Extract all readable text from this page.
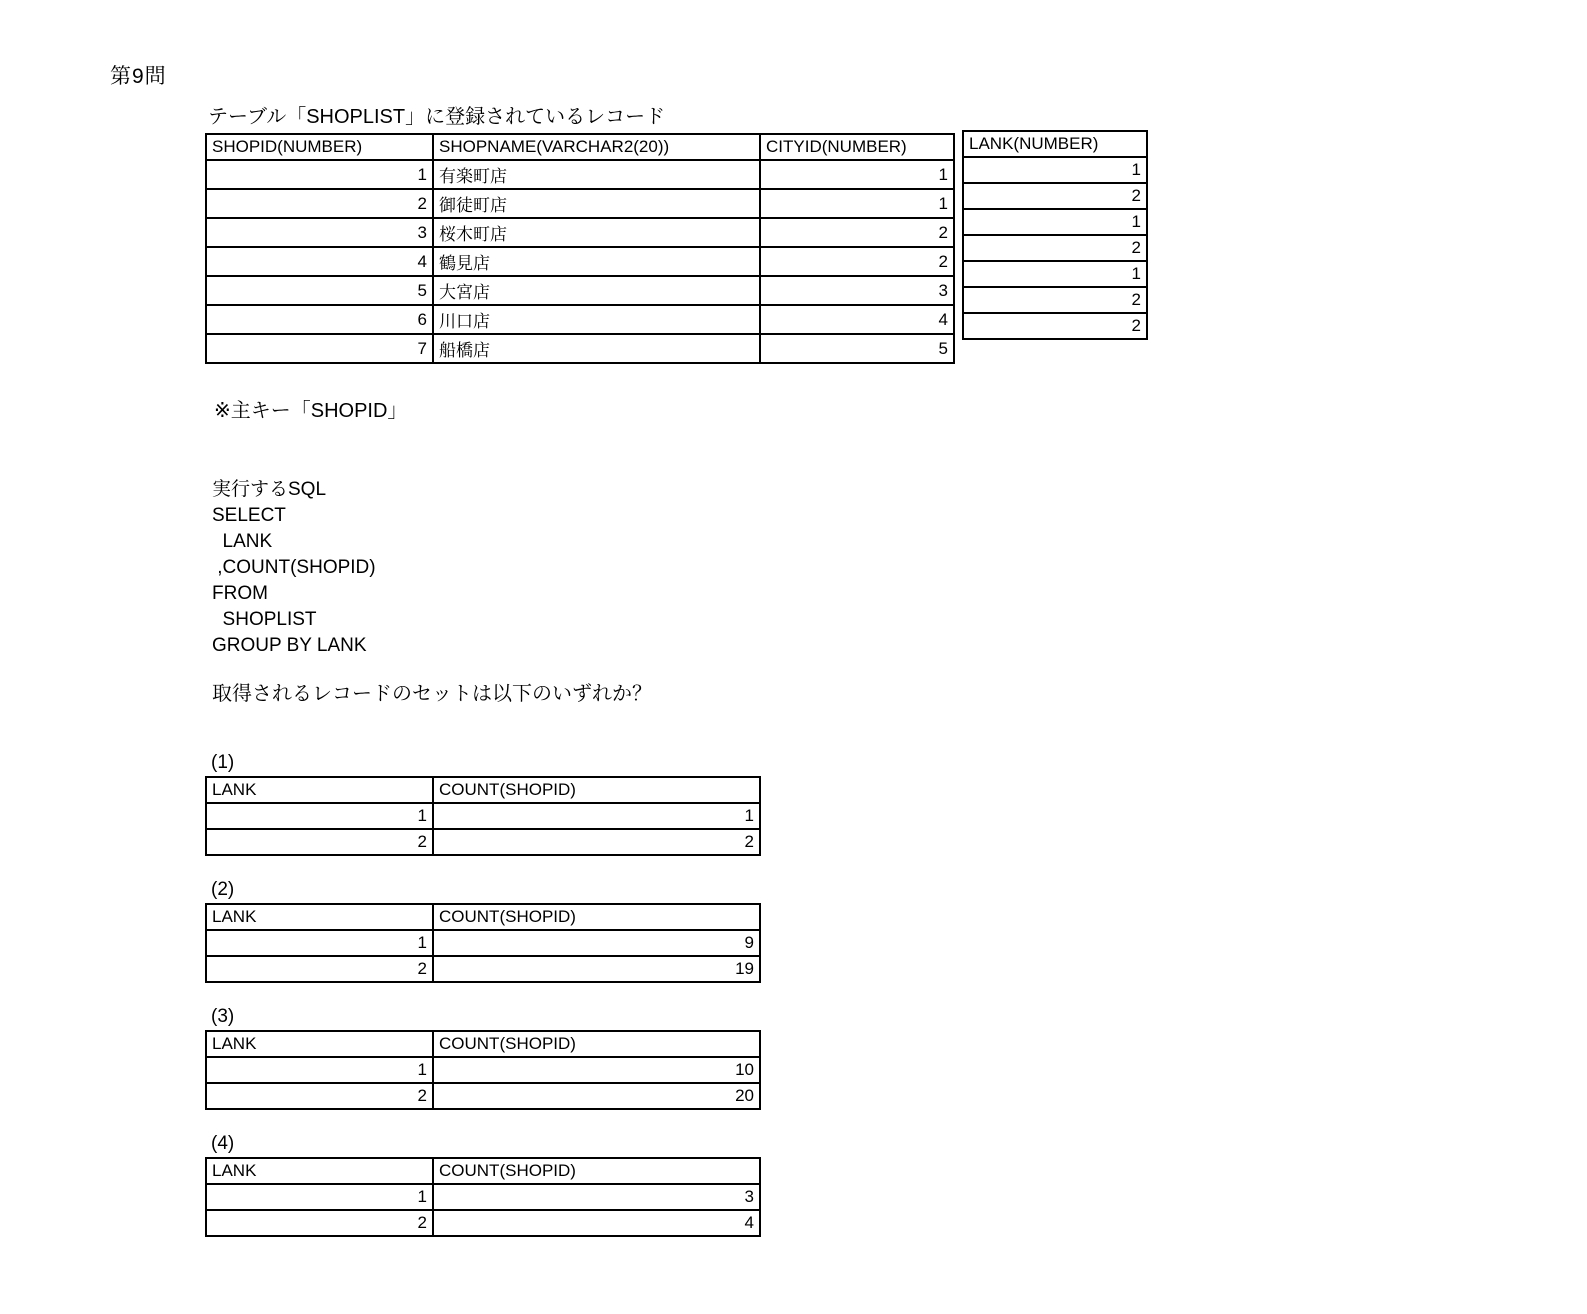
第9問
テーブル「SHOPLIST」に登録されているレコード
SHOPID(NUMBER)	SHOPNAME(VARCHAR2(20))	CITYID(NUMBER)
1	有楽町店	1
2	御徒町店	1
3	桜木町店	2
4	鶴見店	2
5	大宮店	3
6	川口店	4
7	船橋店	5
LANK(NUMBER)
1
2
1
2
1
2
2
※主キー「SHOPID」
実行するSQL
SELECT
LANK
,COUNT(SHOPID)
FROM
SHOPLIST
GROUP BY LANK
取得されるレコードのセットは以下のいずれか？
(1)
LANK	COUNT(SHOPID)
1	1
2	2
(2)
LANK	COUNT(SHOPID)
1	9
2	19
(3)
LANK	COUNT(SHOPID)
1	10
2	20
(4)
LANK	COUNT(SHOPID)
1	3
2	4
